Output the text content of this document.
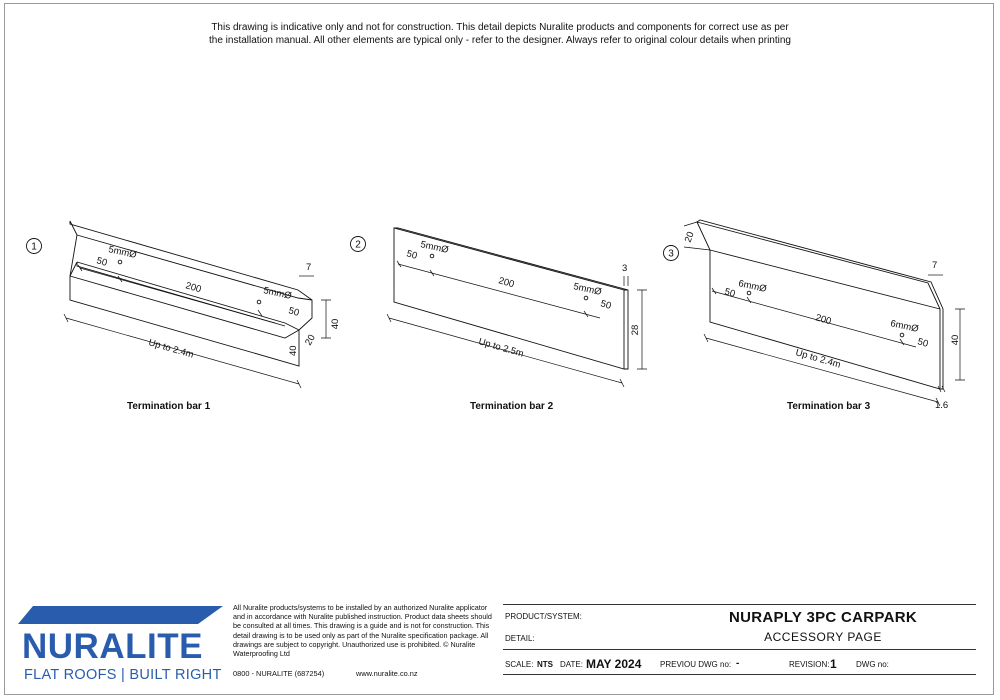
This drawing is indicative only and not for construction. This detail depicts Nuralite products and components for correct use as per
the installation manual. All other elements are typical only - refer to the designer. Always refer to original colour details when printing
1	5mmØ
50
200	5mmØ
50
7
40
20
40
Up to 2.4m
2	5mmØ
50
200	5mmØ
50
3
28
Up to 2.5m
3
6mmØ
50
200	6mmØ
50
7
20
40
Up to 2.4m
1.6
Termination bar 1	Termination bar 2	Termination bar 3
NURALITE
FLAT ROOFS | BUILT RIGHT
All Nuralite products/systems to be installed by an authorized Nuralite applicator and in accordance with Nuralite published instruction. Product data sheets should be consulted at all times. This drawing is a guide and is not for construction. This detail drawing is to be used only as part of the Nuralite specification package. All drawings are subject to copyright. Unauthorized use is prohibited. © Nuralite Waterproofing Ltd
0800 - NURALITE (687254)	www.nuralite.co.nz
PRODUCT/SYSTEM:	NURAPLY 3PC CARPARK
DETAIL:	ACCESSORY PAGE
SCALE: NTS DATE: MAY 2024 PREVIOU DWG no: -	REVISION: 1 DWG no:
